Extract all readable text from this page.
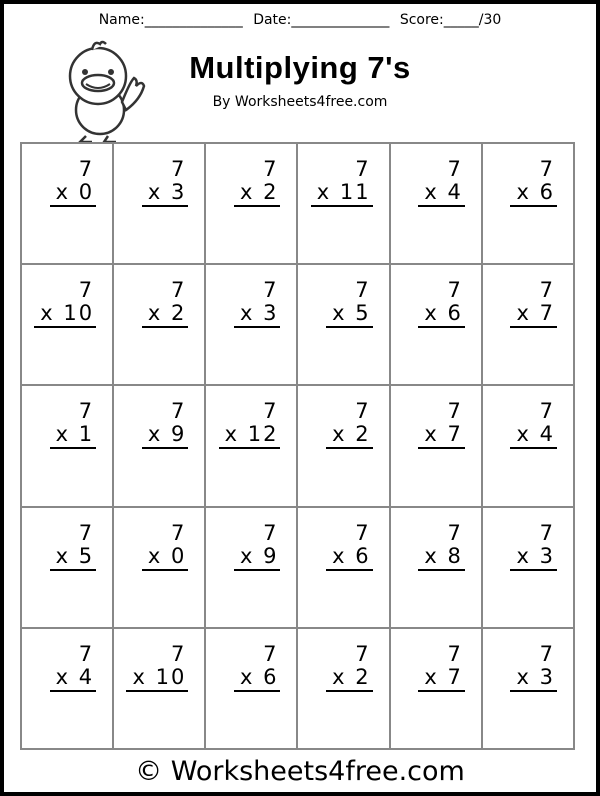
Name:______________ Date:______________ Score:_____/30
Multiplying 7's
By Worksheets4free.com
7
x 0
7
x 3
7
x 2
7
x 11
7
x 4
7
x 6
7
x 10
7
x 2
7
x 3
7
x 5
7
x 6
7
x 7
7
x 1
7
x 9
7
x 12
7
x 2
7
x 7
7
x 4
7
x 5
7
x 0
7
x 9
7
x 6
7
x 8
7
x 3
7
x 4
7
x 10
7
x 6
7
x 2
7
x 7
7
x 3
© Worksheets4free.com
